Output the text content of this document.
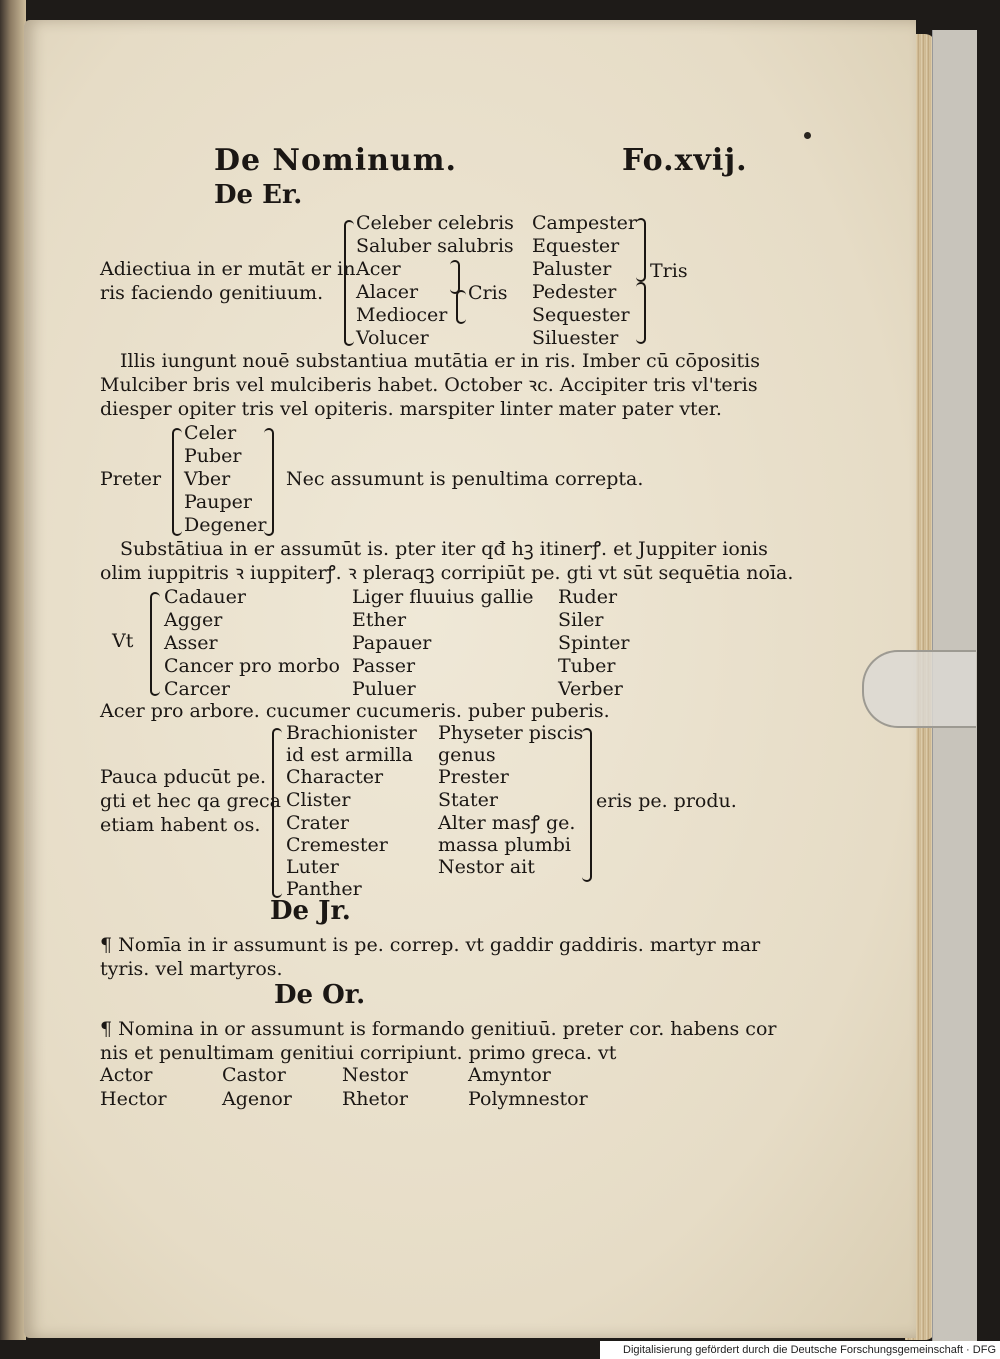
De Nominum.	Fo.xvij.
De Er.
Adiectiua in er mutāt er in
ris faciendo genitiuum.
Celeber celebris
Saluber salubris
Acer
Alacer
Mediocer
Volucer
Cris
Campester
Equester
Paluster
Pedester
Sequester
Siluester
Tris
Illis iungunt nouē substantiua mutātia er in ris. Imber cū cōpositis
Mulciber bris vel mulciberis habet. October ꝛc. Accipiter tris vl'teris
diesper opiter tris vel opiteris. marspiter linter mater pater vter.
Preter
Celer
Puber
Vber
Pauper
Degener
Nec assumunt is penultima correpta.
Substātiua in er assumūt is. pter iter qđ hꝫ itinerꝭ. et Juppiter ionis
olim iuppitris ꝛ iuppiterꝭ. ꝛ pleraqꝫ corripiūt pe. gti vt sūt sequētia noīa.
Vt
Cadauer
Agger
Asser
Cancer pro morbo
Carcer
Liger fluuius gallie
Ether
Papauer
Passer
Puluer
Ruder
Siler
Spinter
Tuber
Verber
Acer pro arbore. cucumer cucumeris. puber puberis.
Pauca pducūt pe.
gti et hec qa greca
etiam habent os.
Brachionister
id est armilla
Character
Clister
Crater
Cremester
Luter
Panther
Physeter piscis
genus
Prester
Stater
Alter masꝭ ge.
massa plumbi
Nestor ait
eris pe. produ.
De Jr.
¶ Nomīa in ir assumunt is pe. correp. vt gaddir gaddiris. martyr mar
tyris. vel martyros.
De Or.
¶ Nomina in or assumunt is formando genitiuū. preter cor. habens cor
nis et penultimam genitiui corripiunt. primo greca. vt
Actor
Hector
Castor
Agenor
Nestor
Rhetor
Amyntor
Polymnestor
Digitalisierung gefördert durch die Deutsche Forschungsgemeinschaft · DFG
